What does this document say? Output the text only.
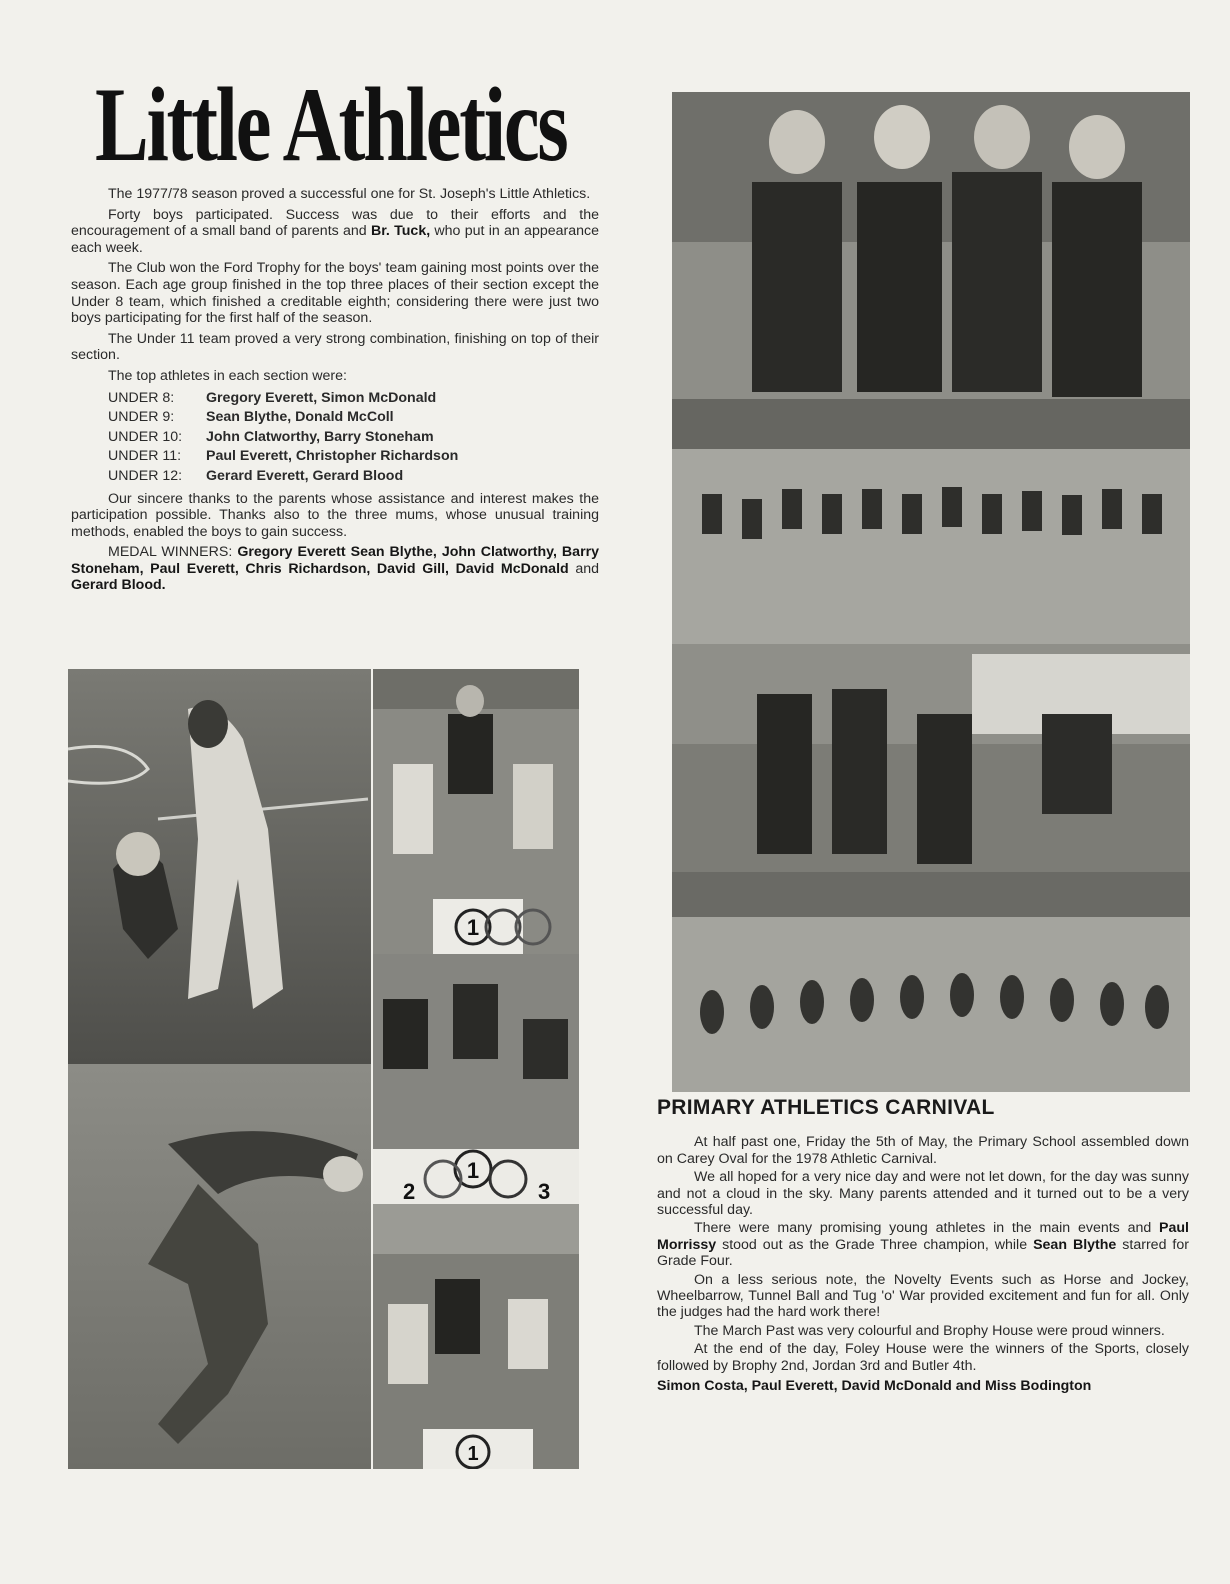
Little Athletics

The 1977/78 season proved a successful one for St. Joseph's Little Athletics.

Forty boys participated. Success was due to their efforts and the encouragement of a small band of parents and Br. Tuck, who put in an appearance each week.

The Club won the Ford Trophy for the boys' team gaining most points over the season. Each age group finished in the top three places of their section except the Under 8 team, which finished a creditable eighth; considering there were just two boys participating for the first half of the season.

The Under 11 team proved a very strong combination, finishing on top of their section.

The top athletes in each section were:

UNDER 8:	Gregory Everett, Simon McDonald
UNDER 9:	Sean Blythe, Donald McColl
UNDER 10:	John Clatworthy, Barry Stoneham
UNDER 11:	Paul Everett, Christopher Richardson
UNDER 12:	Gerard Everett, Gerard Blood

Our sincere thanks to the parents whose assistance and interest makes the participation possible. Thanks also to the three mums, whose unusual training methods, enabled the boys to gain success.

MEDAL WINNERS: Gregory Everett Sean Blythe, John Clatworthy, Barry Stoneham, Paul Everett, Chris Richardson, David Gill, David McDonald and Gerard Blood.

1
1
2	3
1
PRIMARY ATHLETICS CARNIVAL

At half past one, Friday the 5th of May, the Primary School assembled down on Carey Oval for the 1978 Athletic Carnival.

We all hoped for a very nice day and were not let down, for the day was sunny and not a cloud in the sky. Many parents attended and it turned out to be a very successful day.

There were many promising young athletes in the main events and Paul Morrissy stood out as the Grade Three champion, while Sean Blythe starred for Grade Four.

On a less serious note, the Novelty Events such as Horse and Jockey, Wheelbarrow, Tunnel Ball and Tug 'o' War provided excitement and fun for all. Only the judges had the hard work there!

The March Past was very colourful and Brophy House were proud winners.

At the end of the day, Foley House were the winners of the Sports, closely followed by Brophy 2nd, Jordan 3rd and Butler 4th.

Simon Costa, Paul Everett, David McDonald and Miss Bodington
